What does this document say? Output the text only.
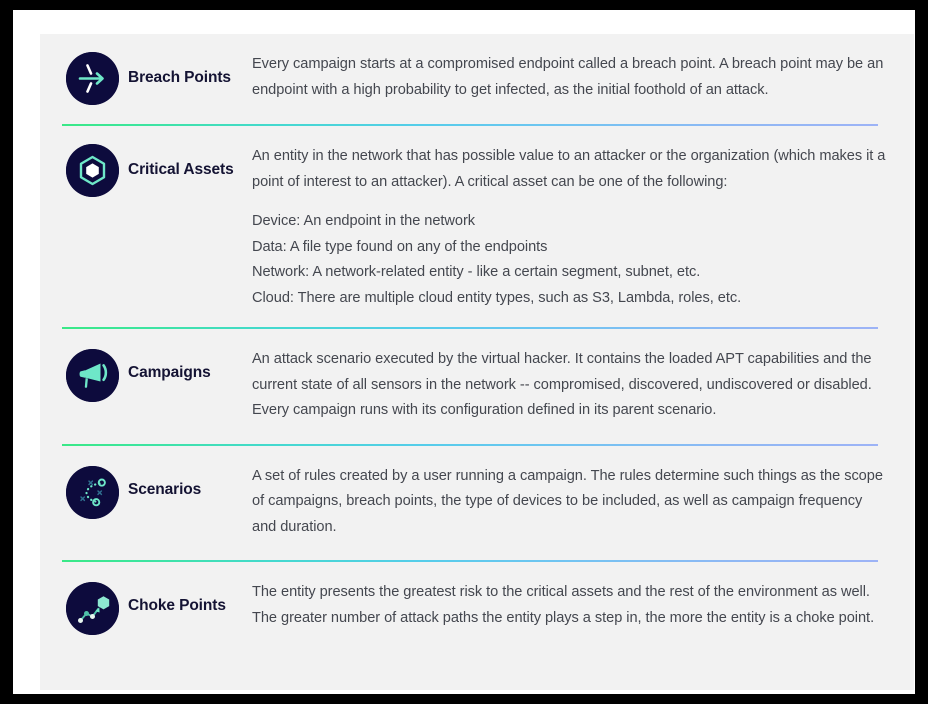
Breach Points

Every campaign starts at a compromised endpoint called a breach point. A breach point may be an endpoint with a high probability to get infected, as the initial foothold of an attack.

Critical Assets

An entity in the network that has possible value to an attacker or the organization (which makes it a point of interest to an attacker). A critical asset can be one of the following:

Device: An endpoint in the network
Data: A file type found on any of the endpoints
Network: A network-related entity - like a certain segment, subnet, etc.
Cloud: There are multiple cloud entity types, such as S3, Lambda, roles, etc.
Campaigns

An attack scenario executed by the virtual hacker. It contains the loaded APT capabilities and the current state of all sensors in the network -- compromised, discovered, undiscovered or disabled. Every campaign runs with its configuration defined in its parent scenario.

Scenarios

A set of rules created by a user running a campaign. The rules determine such things as the scope of campaigns, breach points, the type of devices to be included, as well as campaign frequency and duration.

Choke Points

The entity presents the greatest risk to the critical assets and the rest of the environment as well. The greater number of attack paths the entity plays a step in, the more the entity is a choke point.
